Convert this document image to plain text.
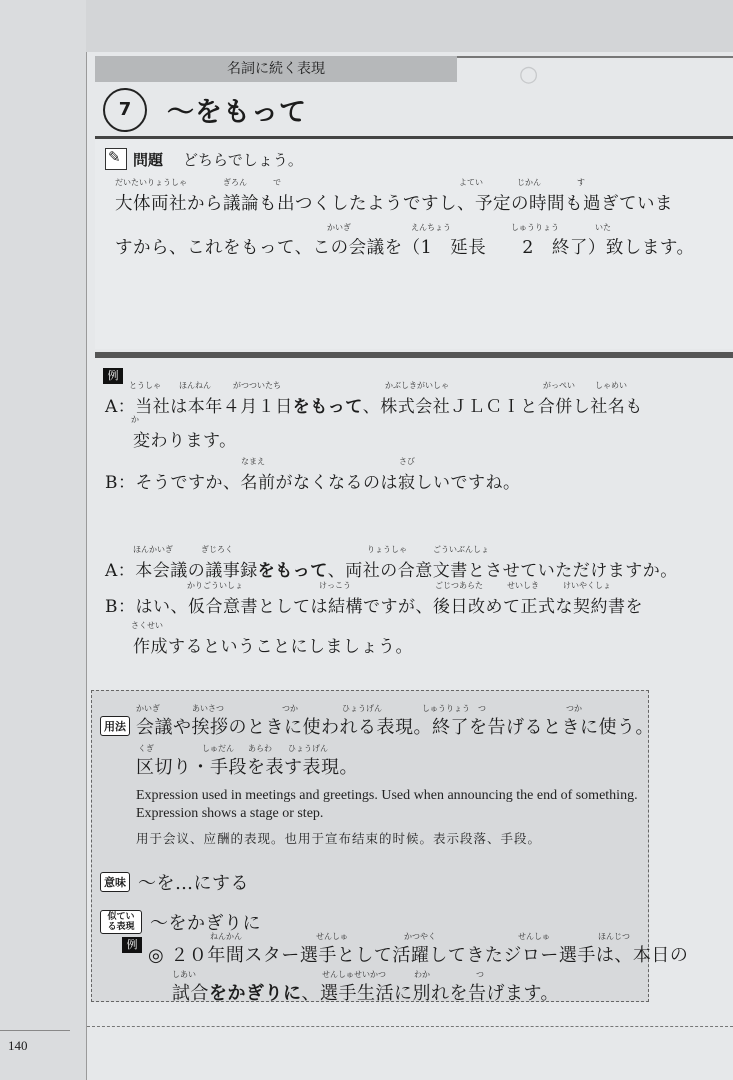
○
名詞に続く表現
7	～をもって
✎
問題 どちらでしょう。
だいたいりょうしゃ	ぎろん	で	よてい	じかん	す
大体両社から議論も出つくしたようですし、予定の時間も過ぎていま
かいぎ	えんちょう	しゅうりょう	いた
すから、これをもって、この会議を（1　延長　　2　終了）致します。
例
とうしゃ ほんねん	がつついたち	かぶしきがいしゃ	がっぺい	しゃめい
A：当社は本年４月１日をもって、株式会社ＪＬＣＩと合併し社名も
か
変わります。
なまえ	さび
B：そうですか、名前がなくなるのは寂しいですね。
ほんかいぎ	ぎじろく	りょうしゃ	ごういぶんしょ
A：本会議の議事録をもって、両社の合意文書とさせていただけますか。
かりごういしょ	けっこう	ごじつあらた	せいしき	けいやくしょ
B：はい、仮合意書としては結構ですが、後日改めて正式な契約書を
さくせい
作成するということにしましょう。
用法
かいぎ	あいさつ	つか	ひょうげん	しゅうりょう つ	つか
会議や挨拶のときに使われる表現。終了を告げるときに使う。
くぎ	しゅだん あらわ ひょうげん
区切り・手段を表す表現。
Expression used in meetings and greetings. Used when announcing the end of something. Expression shows a stage or step.
用于会议、应酬的表现。也用于宣布结束的时候。表示段落、手段。
意味 ～を…にする
似ている表現 ～をかぎりに
例
ねんかん	せんしゅ	かつやく	せんしゅ	ほんじつ
◎ ２０年間スター選手として活躍してきたジロー選手は、本日の
しあい	せんしゅせいかつ	わか	つ
試合をかぎりに、選手生活に別れを告げます。
140
